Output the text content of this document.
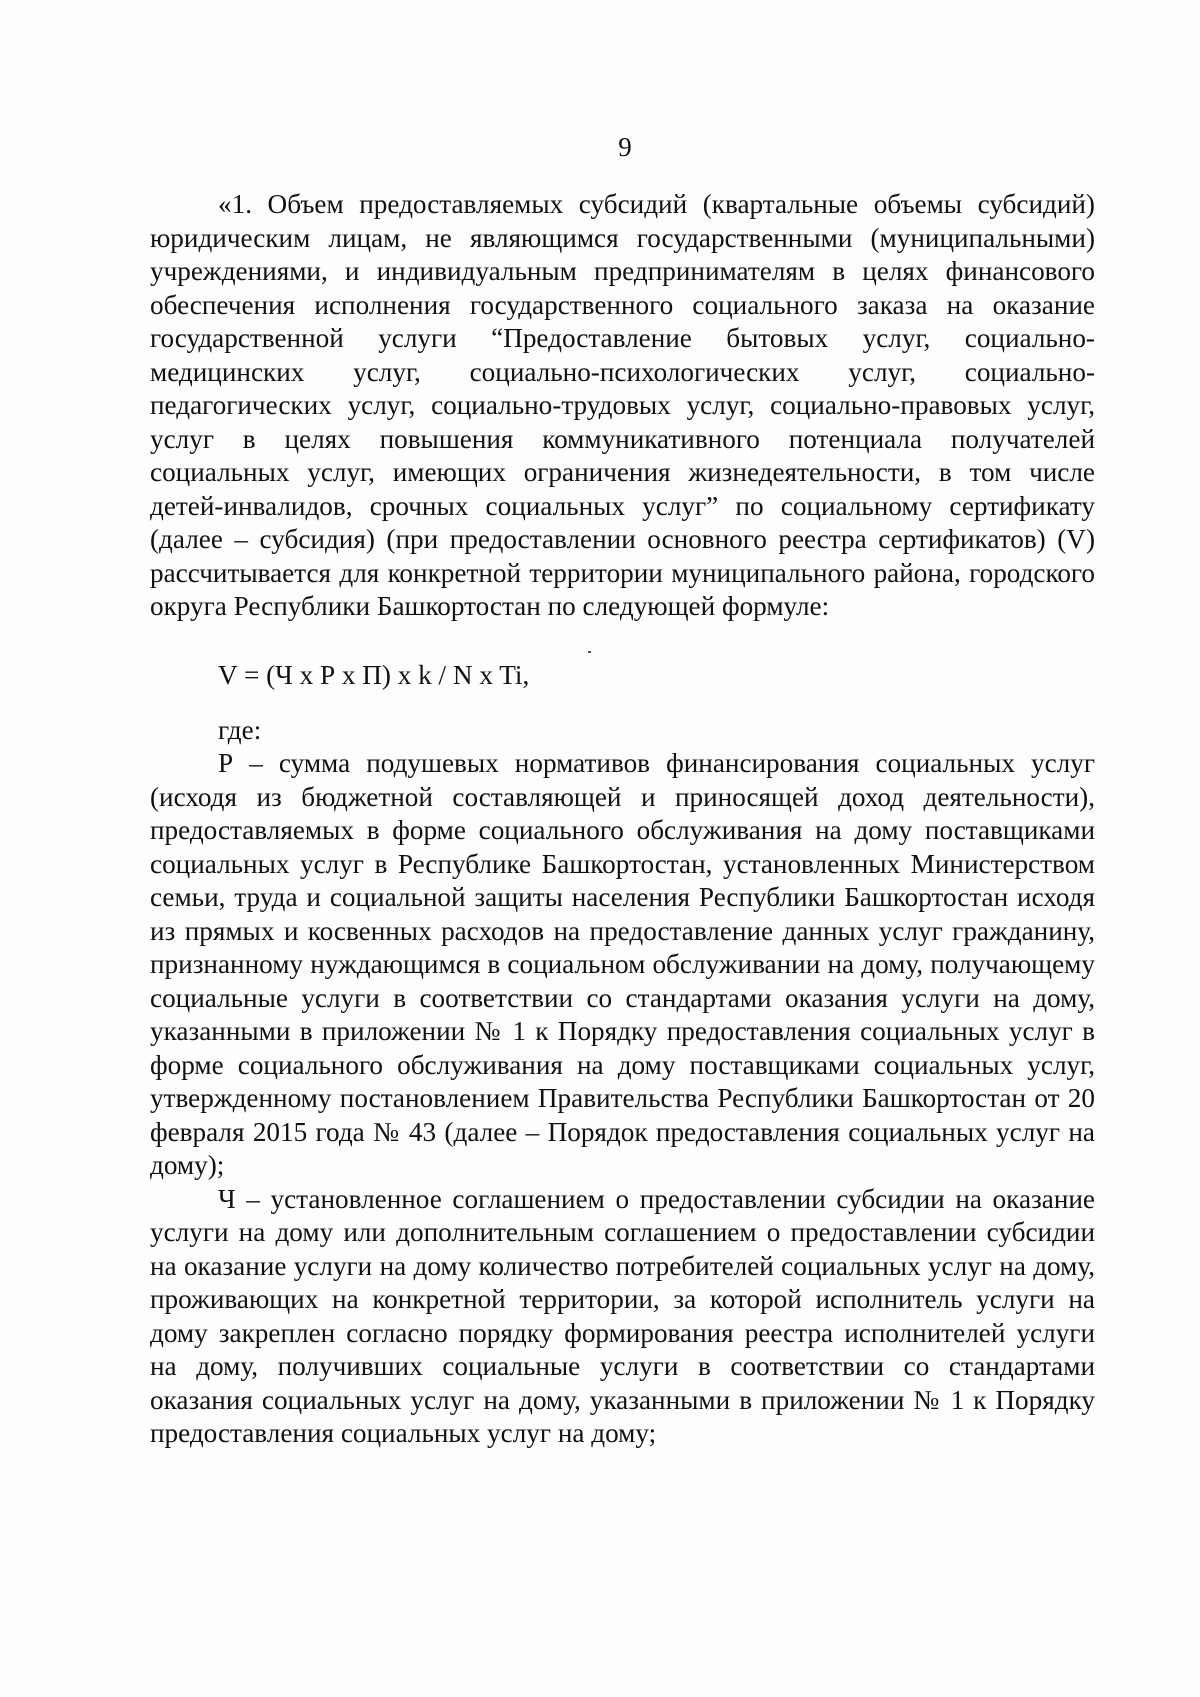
9

«1. Объем предоставляемых субсидий (квартальные объемы субсидий) юридическим лицам, не являющимся государственными (муниципальными) учреждениями, и индивидуальным предпринимателям в целях финансового обеспечения исполнения государственного социального заказа на оказание государственной услуги “Предоставление бытовых услуг, социально-медицинских услуг, социально-психологических услуг, социально-педагогических услуг, социально-трудовых услуг, социально-правовых услуг, услуг в целях повышения коммуникативного потенциала получателей социальных услуг, имеющих ограничения жизнедеятельности, в том числе детей-инвалидов, срочных социальных услуг” по социальному сертификату (далее – субсидия) (при предоставлении основного реестра сертификатов) (V) рассчитывается для конкретной территории муниципального района, городского округа Республики Башкортостан по следующей формуле:

V = (Ч x Р x П) x k / N x Ti,
где:

Р – сумма подушевых нормативов финансирования социальных услуг (исходя из бюджетной составляющей и приносящей доход деятельности), предоставляемых в форме социального обслуживания на дому поставщиками социальных услуг в Республике Башкортостан, установленных Министерством семьи, труда и социальной защиты населения Республики Башкортостан исходя из прямых и косвенных расходов на предоставление данных услуг гражданину, признанному нуждающимся в социальном обслуживании на дому, получающему социальные услуги в соответствии со стандартами оказания услуги на дому, указанными в приложении № 1 к Порядку предоставления социальных услуг в форме социального обслуживания на дому поставщиками социальных услуг, утвержденному постановлением Правительства Республики Башкортостан от 20 февраля 2015 года № 43 (далее – Порядок предоставления социальных услуг на дому);

Ч – установленное соглашением о предоставлении субсидии на оказание услуги на дому или дополнительным соглашением о предоставлении субсидии на оказание услуги на дому количество потребителей социальных услуг на дому, проживающих на конкретной территории, за которой исполнитель услуги на дому закреплен согласно порядку формирования реестра исполнителей услуги на дому, получивших социальные услуги в соответствии со стандартами оказания социальных услуг на дому, указанными в приложении № 1 к Порядку предоставления социальных услуг на дому;
